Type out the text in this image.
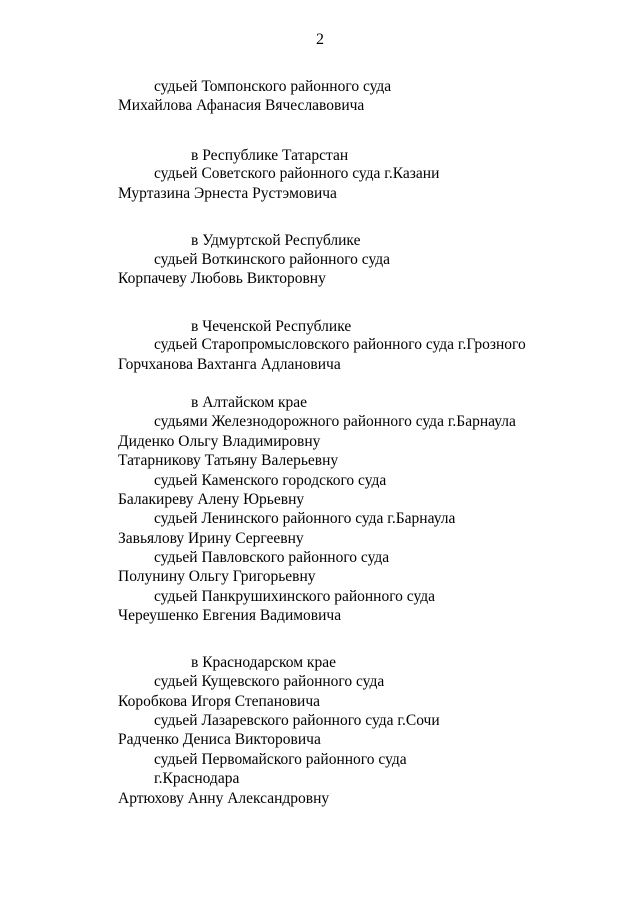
2
судьей Томпонского районного суда
Михайлова Афанасия Вячеславовича
в Республике Татарстан
судьей Советского районного суда г.Казани
Муртазина Эрнеста Рустэмовича
в Удмуртской Республике
судьей Воткинского районного суда
Корпачеву Любовь Викторовну
в Чеченской Республике
судьей Старопромысловского районного суда г.Грозного
Горчханова Вахтанга Адлановича
в Алтайском крае
судьями Железнодорожного районного суда г.Барнаула
Диденко Ольгу Владимировну
Татарникову Татьяну Валерьевну
судьей Каменского городского суда
Балакиреву Алену Юрьевну
судьей Ленинского районного суда г.Барнаула
Завьялову Ирину Сергеевну
судьей Павловского районного суда
Полунину Ольгу Григорьевну
судьей Панкрушихинского районного суда
Череушенко Евгения Вадимовича
в Краснодарском крае
судьей Кущевского районного суда
Коробкова Игоря Степановича
судьей Лазаревского районного суда г.Сочи
Радченко Дениса Викторовича
судьей Первомайского районного суда
г.Краснодара
Артюхову Анну Александровну
